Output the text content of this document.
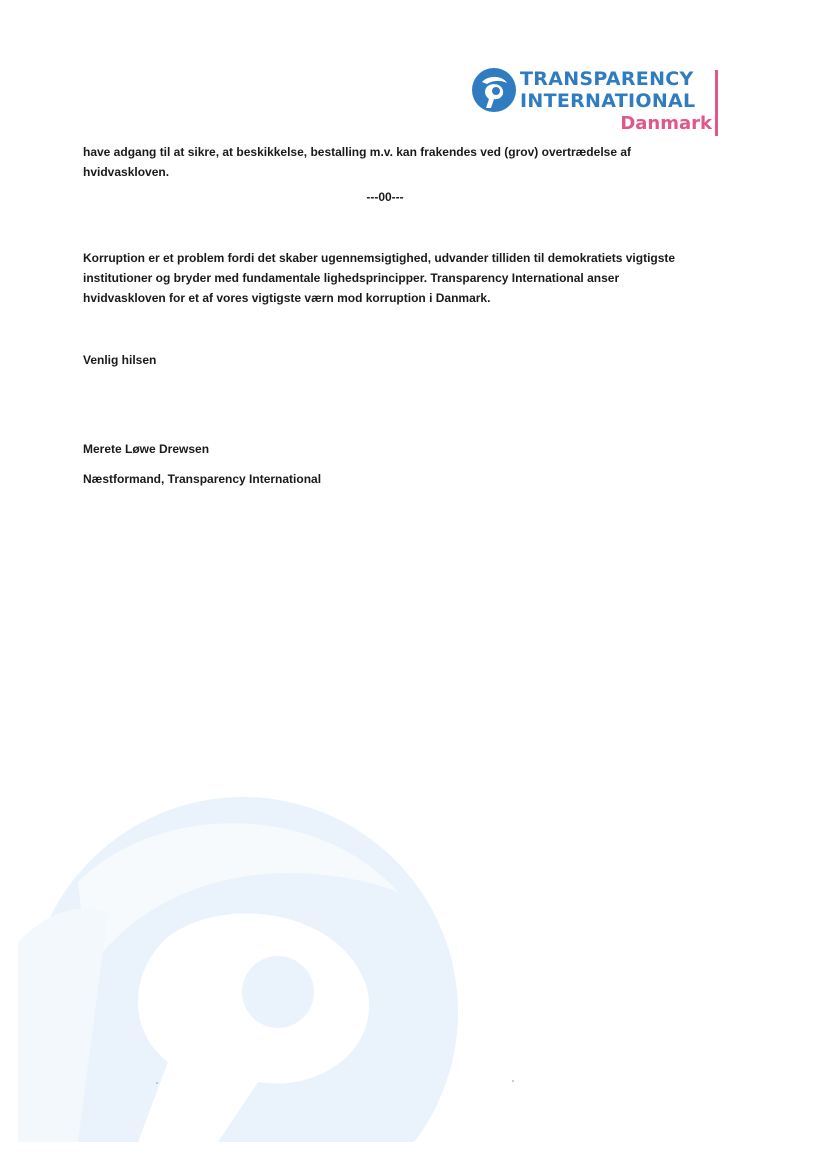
TRANSPARENCY
INTERNATIONAL
Danmark
have adgang til at sikre, at beskikkelse, bestalling m.v. kan frakendes ved (grov) overtrædelse af
hvidvaskloven.
---00---
Korruption er et problem fordi det skaber ugennemsigtighed, udvander tilliden til demokratiets vigtigste
institutioner og bryder med fundamentale lighedsprincipper. Transparency International anser
hvidvaskloven for et af vores vigtigste værn mod korruption i Danmark.
Venlig hilsen
Merete Løwe Drewsen
Næstformand, Transparency International
